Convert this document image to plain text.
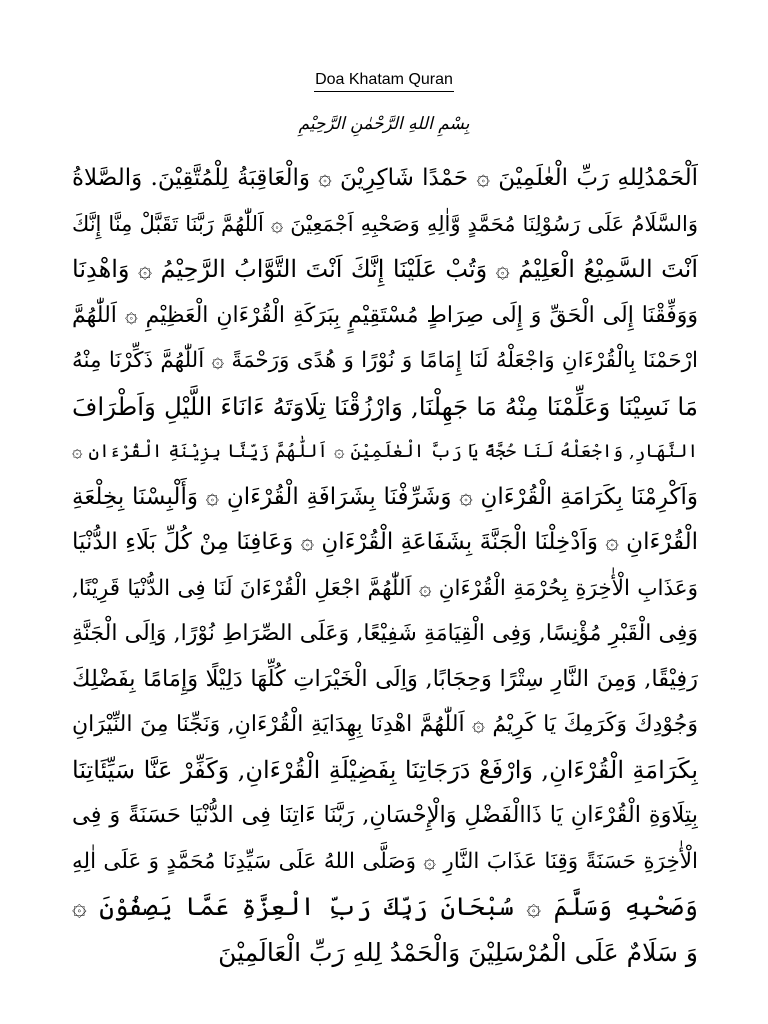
Doa Khatam Quran
بِسْمِ اللهِ الرَّحْمٰنِ الرَّحِيْمِ
اَلْحَمْدُلِلهِ رَبِّ الْعٰلَمِيْنَ ۞ حَمْدًا شَاكِرِيْنَ ۞ وَالْعَاقِبَةُ لِلْمُتَّقِيْنَ. وَالصَّلاةُ
وَالسَّلَامُ عَلَى رَسُوْلِنَا مُحَمَّدٍ وَّاٰلِهِ وَصَحْبِهِ اَجْمَعِيْنَ ۞ اَللّٰهُمَّ رَبَّنَا تَقَبَّلْ مِنَّا إِنَّكَ
اَنْتَ السَّمِيْعُ الْعَلِيْمُ ۞ وَتُبْ عَلَيْنَا إِنَّكَ اَنْتَ التَّوَّابُ الرَّحِيْمُ ۞ وَاهْدِنَا
وَوَفِّقْنَا إِلَى الْحَقِّ وَ إِلَى صِرَاطٍ مُسْتَقِيْمٍ بِبَرَكَةِ الْقُرْءَانِ الْعَظِيْمِ ۞ اَللّٰهُمَّ
ارْحَمْنَا بِالْقُرْءَانِ وَاجْعَلْهُ لَنَا إِمَامًا وَ نُوْرًا وَ هُدًى وَرَحْمَةً ۞ اَللّٰهُمَّ ذَكِّرْنَا مِنْهُ
مَا نَسِيْنَا وَعَلِّمْنَا مِنْهُ مَا جَهِلْنَا, وَارْزُقْنَا تِلَاوَتَهُ ءَانَاءَ اللَّيْلِ وَاَطْرَافَ
النَّهَارِ, وَاجْعَلْهُ لَنَا حُجَّةً يَا رَبَّ الْعٰلَمِيْنَ ۞ اَللّٰهُمَّ زَيِّنَّا بِزِيْنَةِ الْقُرْءَانِ ۞
وَاَكْرِمْنَا بِكَرَامَةِ الْقُرْءَانِ ۞ وَشَرِّفْنَا بِشَرَافَةِ الْقُرْءَانِ ۞ وَأَلْبِسْنَا بِخِلْعَةِ
الْقُرْءَانِ ۞ وَاَدْخِلْنَا الْجَنَّةَ بِشَفَاعَةِ الْقُرْءَانِ ۞ وَعَافِنَا مِنْ كُلِّ بَلَاءِ الدُّنْيَا
وَعَذَابِ الْأٰخِرَةِ بِحُرْمَةِ الْقُرْءَانِ ۞ اَللّٰهُمَّ اجْعَلِ الْقُرْءَانَ لَنَا فِى الدُّنْيَا قَرِيْنًا,
وَفِى الْقَبْرِ مُؤْنِسًا, وَفِى الْقِيَامَةِ شَفِيْعًا, وَعَلَى الصِّرَاطِ نُوْرًا, وَاِلَى الْجَنَّةِ
رَفِيْقًا, وَمِنَ النَّارِ سِتْرًا وَحِجَابًا, وَاِلَى الْخَيْرَاتِ كُلِّهَا دَلِيْلًا وَإِمَامًا بِفَضْلِكَ
وَجُوْدِكَ وَكَرَمِكَ يَا كَرِيْمُ ۞ اَللّٰهُمَّ اهْدِنَا بِهِدَايَةِ الْقُرْءَانِ, وَنَجِّنَا مِنَ النِّيْرَانِ
بِكَرَامَةِ الْقُرْءَانِ, وَارْفَعْ دَرَجَاتِنَا بِفَضِيْلَةِ الْقُرْءَانِ, وَكَفِّرْ عَنَّا سَيِّئَاتِنَا
بِتِلَاوَةِ الْقُرْءَانِ يَا ذَاالْفَضْلِ وَالْإِحْسَانِ, رَبَّنَا ءَاتِنَا فِى الدُّنْيَا حَسَنَةً وَ فِى
الْأٰخِرَةِ حَسَنَةً وَقِنَا عَذَابَ النَّارِ ۞ وَصَلَّى اللهُ عَلَى سَيِّدِنَا مُحَمَّدٍ وَ عَلَى اٰلِهِ
وَصَحْبِهِ وَسَلَّمَ ۞ سُبْحَانَ رَبِّكَ رَبِّ الْعِزَّةِ عَمَّا يَصِفُوْنَ ۞
وَ سَلَامٌ عَلَى الْمُرْسَلِيْنَ وَالْحَمْدُ لِلهِ رَبِّ الْعَالَمِيْنَ
